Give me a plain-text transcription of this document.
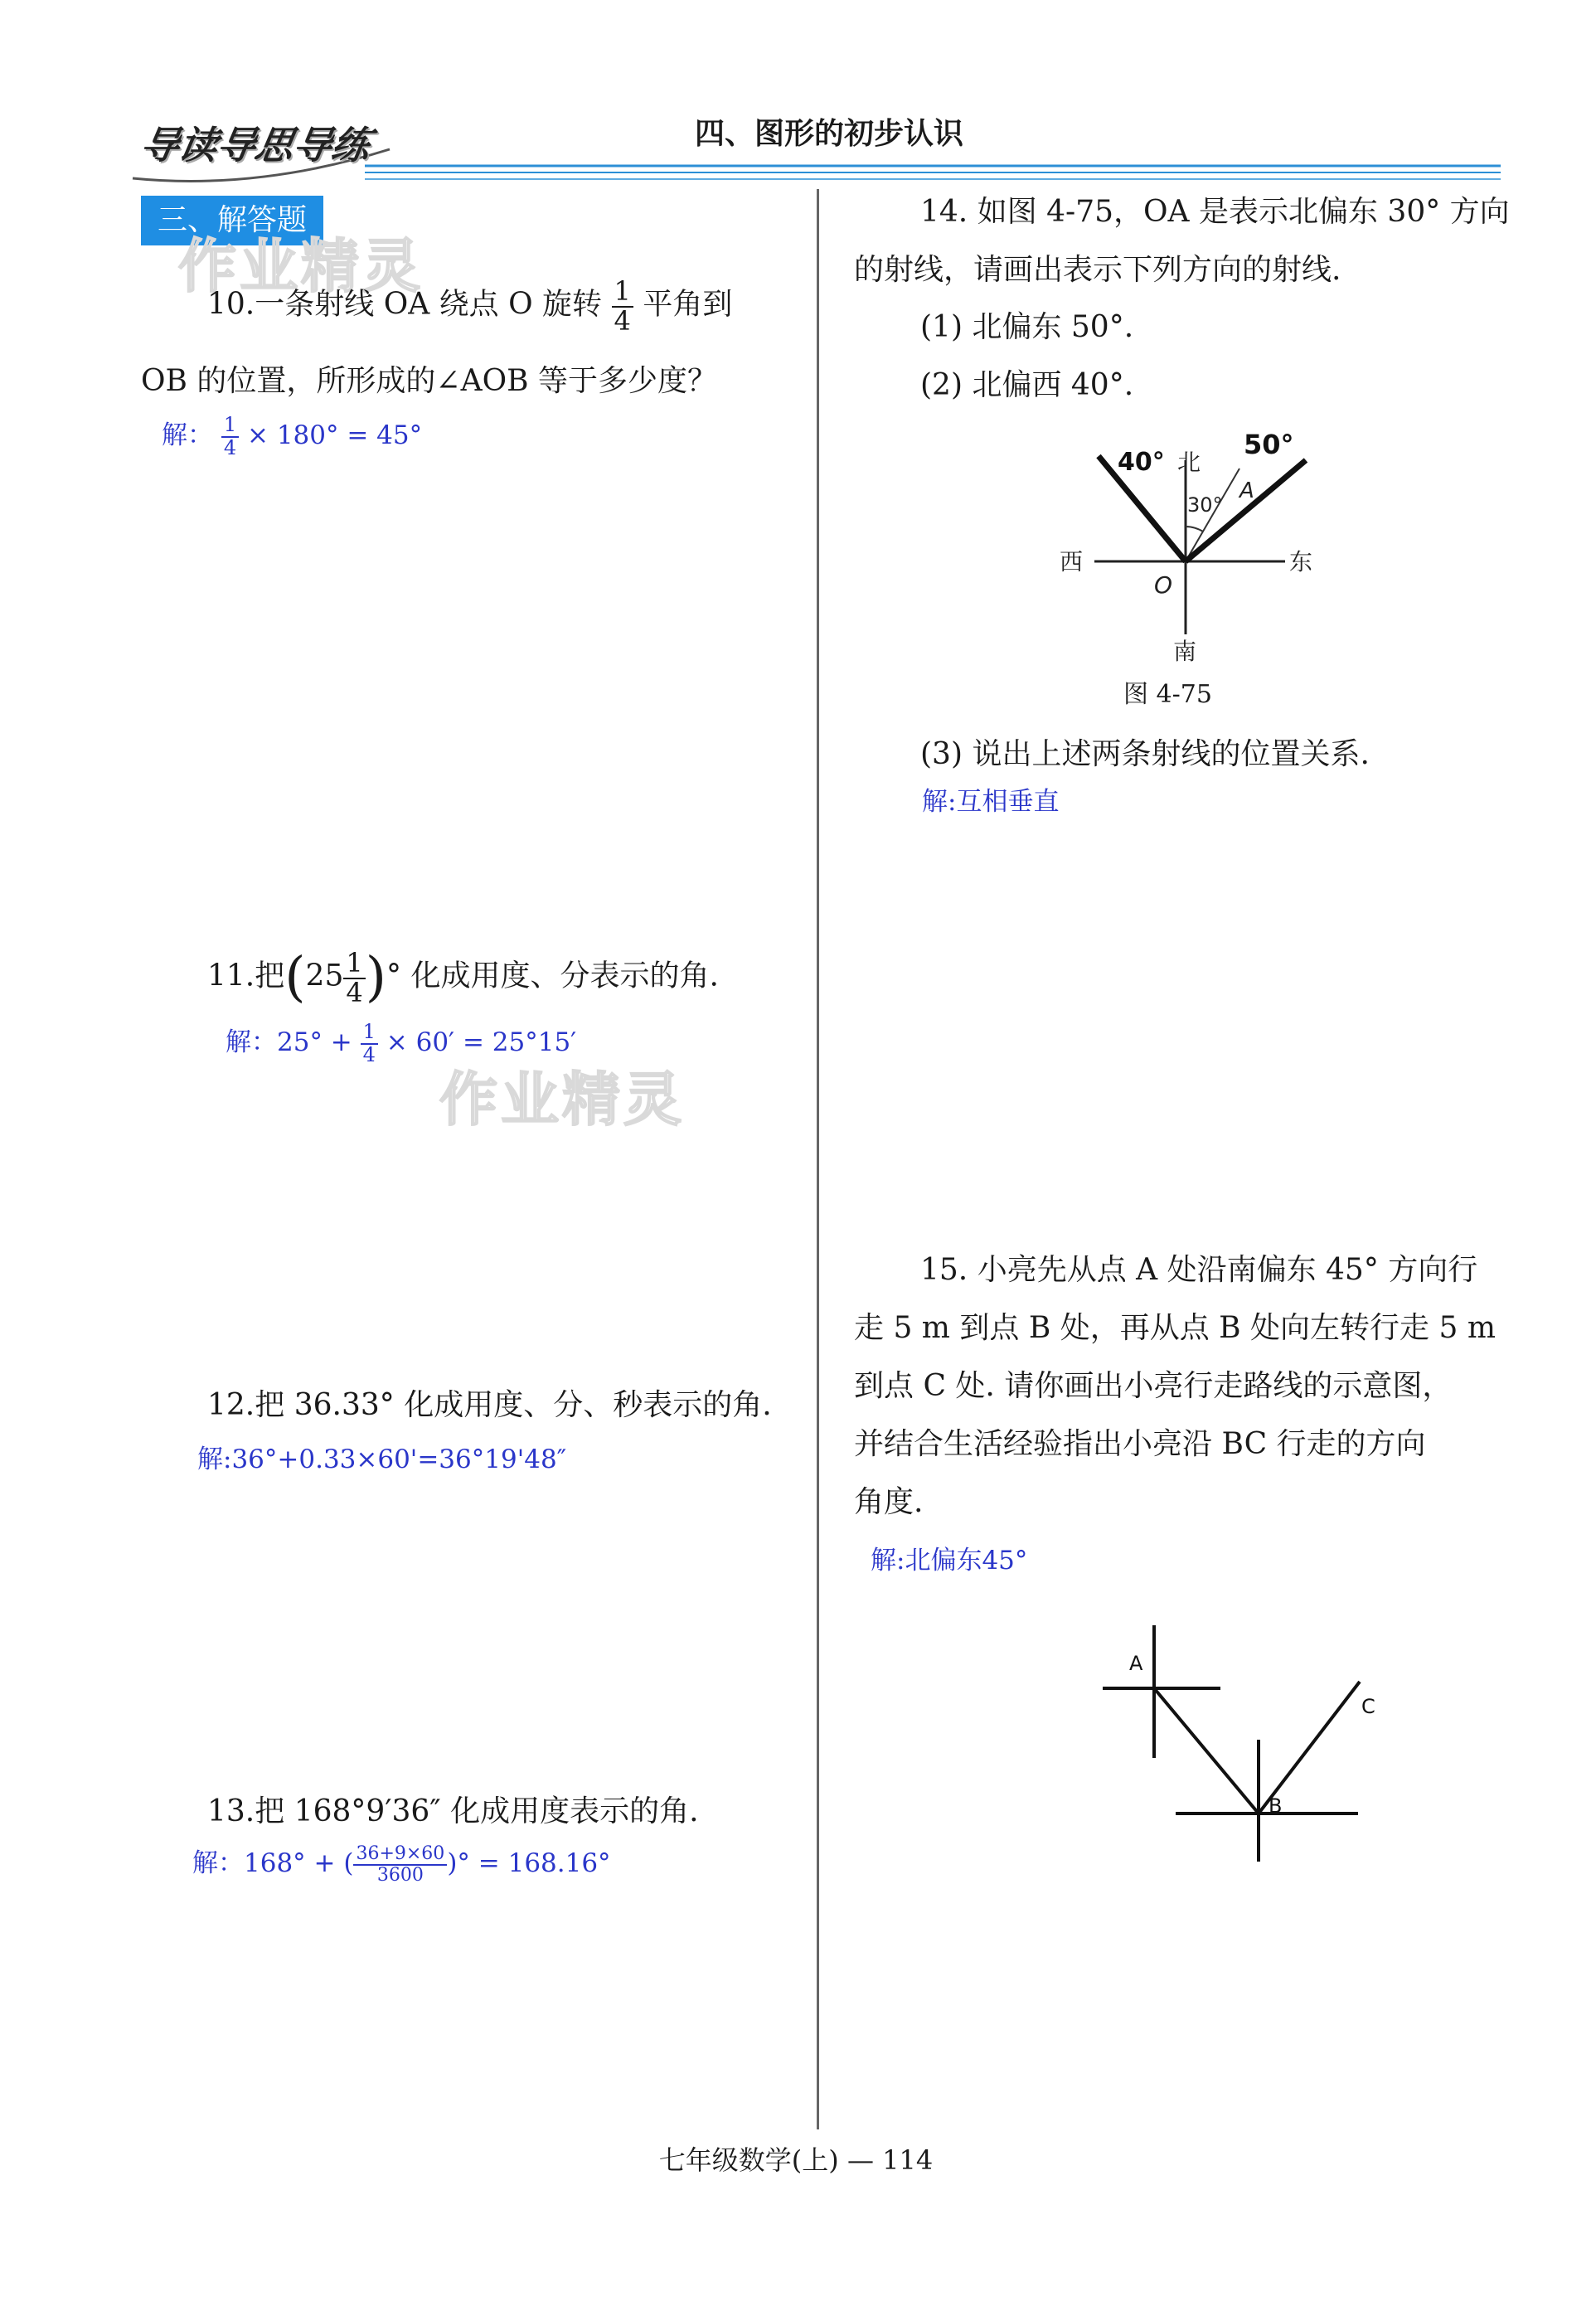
导读导思导练	四、图形的初步认识
三、解答题
作业精灵
作业精灵
10.一条射线 OA 绕点 O 旋转 $\frac{1}{4}$ 平角到
OB 的位置，所形成的∠AOB 等于多少度？
解： $\frac{1}{4} \times 180^\circ = 45^\circ$
11.把($25 \frac{1}{4}$ )° 化成用度、分表示的角.
解：$25^\circ + \frac{1}{4} \times 60' = 25^\circ 15'$
12.把 36.33° 化成用度、分、秒表示的角.
解:36°+0.33×60'=36°19'48″
13.把 168°9′36″ 化成用度表示的角.
解：168° + ( $\frac{36+9\times 60}{3600}$ )° = 168.16°
14. 如图 4-75，OA 是表示北偏东 30° 方向
的射线，请画出表示下列方向的射线.
(1) 北偏东 50°.
(2) 北偏西 40°.
40° 北
50°
30°
A
西	东
O
南
图 4-75
(3) 说出上述两条射线的位置关系.
解:互相垂直
15. 小亮先从点 A 处沿南偏东 45° 方向行
走 5 m 到点 B 处，再从点 B 处向左转行走 5 m
到点 C 处. 请你画出小亮行走路线的示意图，
并结合生活经验指出小亮沿 BC 行走的方向
角度.
解:北偏东45°
A
B
C
七年级数学(上) — 114
